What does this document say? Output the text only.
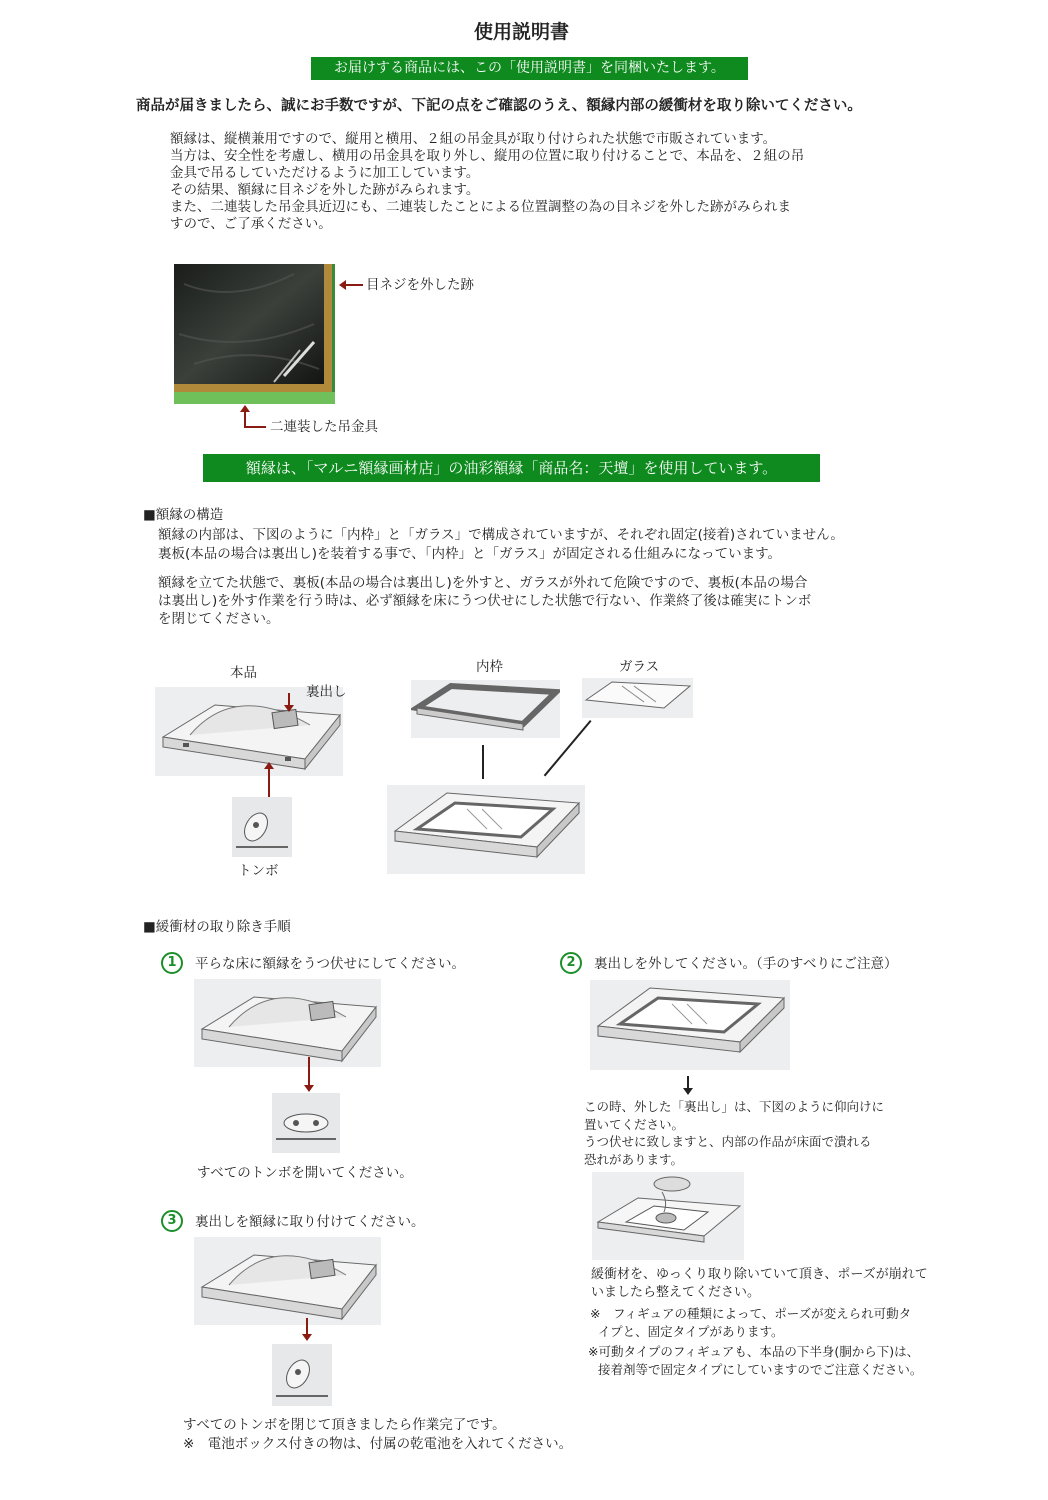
使用説明書
お届けする商品には、この「使用説明書」を同梱いたします。
商品が届きましたら、誠にお手数ですが、下記の点をご確認のうえ、額縁内部の緩衝材を取り除いてください。
額縁は、縦横兼用ですので、縦用と横用、２組の吊金具が取り付けられた状態で市販されています。
当方は、安全性を考慮し、横用の吊金具を取り外し、縦用の位置に取り付けることで、本品を、２組の吊
金具で吊るしていただけるように加工しています。
その結果、額縁に目ネジを外した跡がみられます。
また、二連装した吊金具近辺にも、二連装したことによる位置調整の為の目ネジを外した跡がみられま
すので、ご了承ください。
目ネジを外した跡
二連装した吊金具
額縁は、「マルニ額縁画材店」の油彩額縁「商品名：天壇」を使用しています。
■額縁の構造
額縁の内部は、下図のように「内枠」と「ガラス」で構成されていますが、それぞれ固定(接着)されていません。
裏板(本品の場合は裏出し)を装着する事で、「内枠」と「ガラス」が固定される仕組みになっています。
額縁を立てた状態で、裏板(本品の場合は裏出し)を外すと、ガラスが外れて危険ですので、裏板(本品の場合
は裏出し)を外す作業を行う時は、必ず額縁を床にうつ伏せにした状態で行ない、作業終了後は確実にトンボ
を閉じてください。
本品	内枠	ガラス
裏出し
トンボ
■緩衝材の取り除き手順
1	平らな床に額縁をうつ伏せにしてください。
すべてのトンボを開いてください。
2	裏出しを外してください。（手のすべりにご注意）
この時、外した「裏出し」は、下図のように仰向けに
置いてください。
うつ伏せに致しますと、内部の作品が床面で潰れる
恐れがあります。
緩衝材を、ゆっくり取り除いていて頂き、ポーズが崩れて
いましたら整えてください。
※　フィギュアの種類によって、ポーズが変えられ可動タ
イプと、固定タイプがあります。
※可動タイプのフィギュアも、本品の下半身(胴から下)は、
接着剤等で固定タイプにしていますのでご注意ください。
3	裏出しを額縁に取り付けてください。
すべてのトンボを閉じて頂きましたら作業完了です。
※　電池ボックス付きの物は、付属の乾電池を入れてください。
